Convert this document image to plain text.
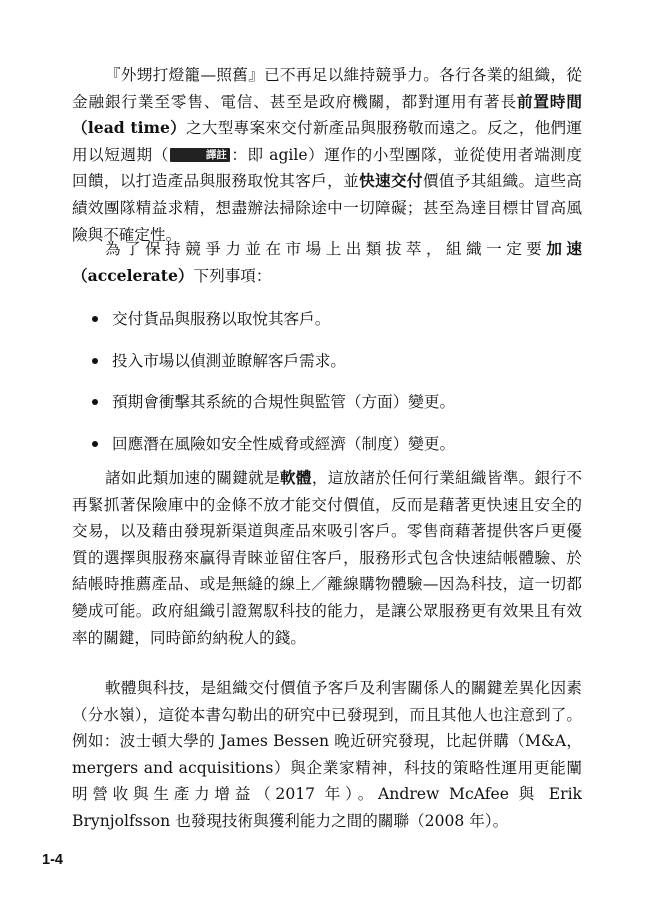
『外甥打燈籠—照舊』已不再足以維持競爭力。各行各業的組織，從金融銀行業至零售、電信、甚至是政府機關，都對運用有著長前置時間（lead time）之大型專案來交付新產品與服務敬而遠之。反之，他們運用以短週期（	譯註 ：即 agile）運作的小型團隊，並從使用者端測度回饋，以打造產品與服務取悅其客戶，並快速交付價值予其組織。這些高績效團隊精益求精，想盡辦法掃除途中一切障礙；甚至為達目標甘冒高風險與不確定性。

為了保持競爭力並在市場上出類拔萃，組織一定要加速（accelerate）下列事項：

交付貨品與服務以取悅其客戶。
投入市場以偵測並瞭解客戶需求。
預期會衝擊其系統的合規性與監管（方面）變更。
回應潛在風險如安全性威脅或經濟（制度）變更。

諸如此類加速的關鍵就是軟體，這放諸於任何行業組織皆準。銀行不再緊抓著保險庫中的金條不放才能交付價值，反而是藉著更快速且安全的交易，以及藉由發現新渠道與產品來吸引客戶。零售商藉著提供客戶更優質的選擇與服務來贏得青睞並留住客戶，服務形式包含快速結帳體驗、於結帳時推薦產品、或是無縫的線上／離線購物體驗—因為科技，這一切都變成可能。政府組織引證駕馭科技的能力，是讓公眾服務更有效果且有效率的關鍵，同時節約納稅人的錢。

軟體與科技，是組織交付價值予客戶及利害關係人的關鍵差異化因素（分水嶺），這從本書勾勒出的研究中已發現到，而且其他人也注意到了。例如：波士頓大學的 James Bessen 晚近研究發現，比起併購（M&A，mergers and acquisitions）與企業家精神，科技的策略性運用更能闡明營收與生產力增益（2017 年）。Andrew McAfee 與 Erik Brynjolfsson 也發現技術與獲利能力之間的關聯（2008 年）。

1-4
